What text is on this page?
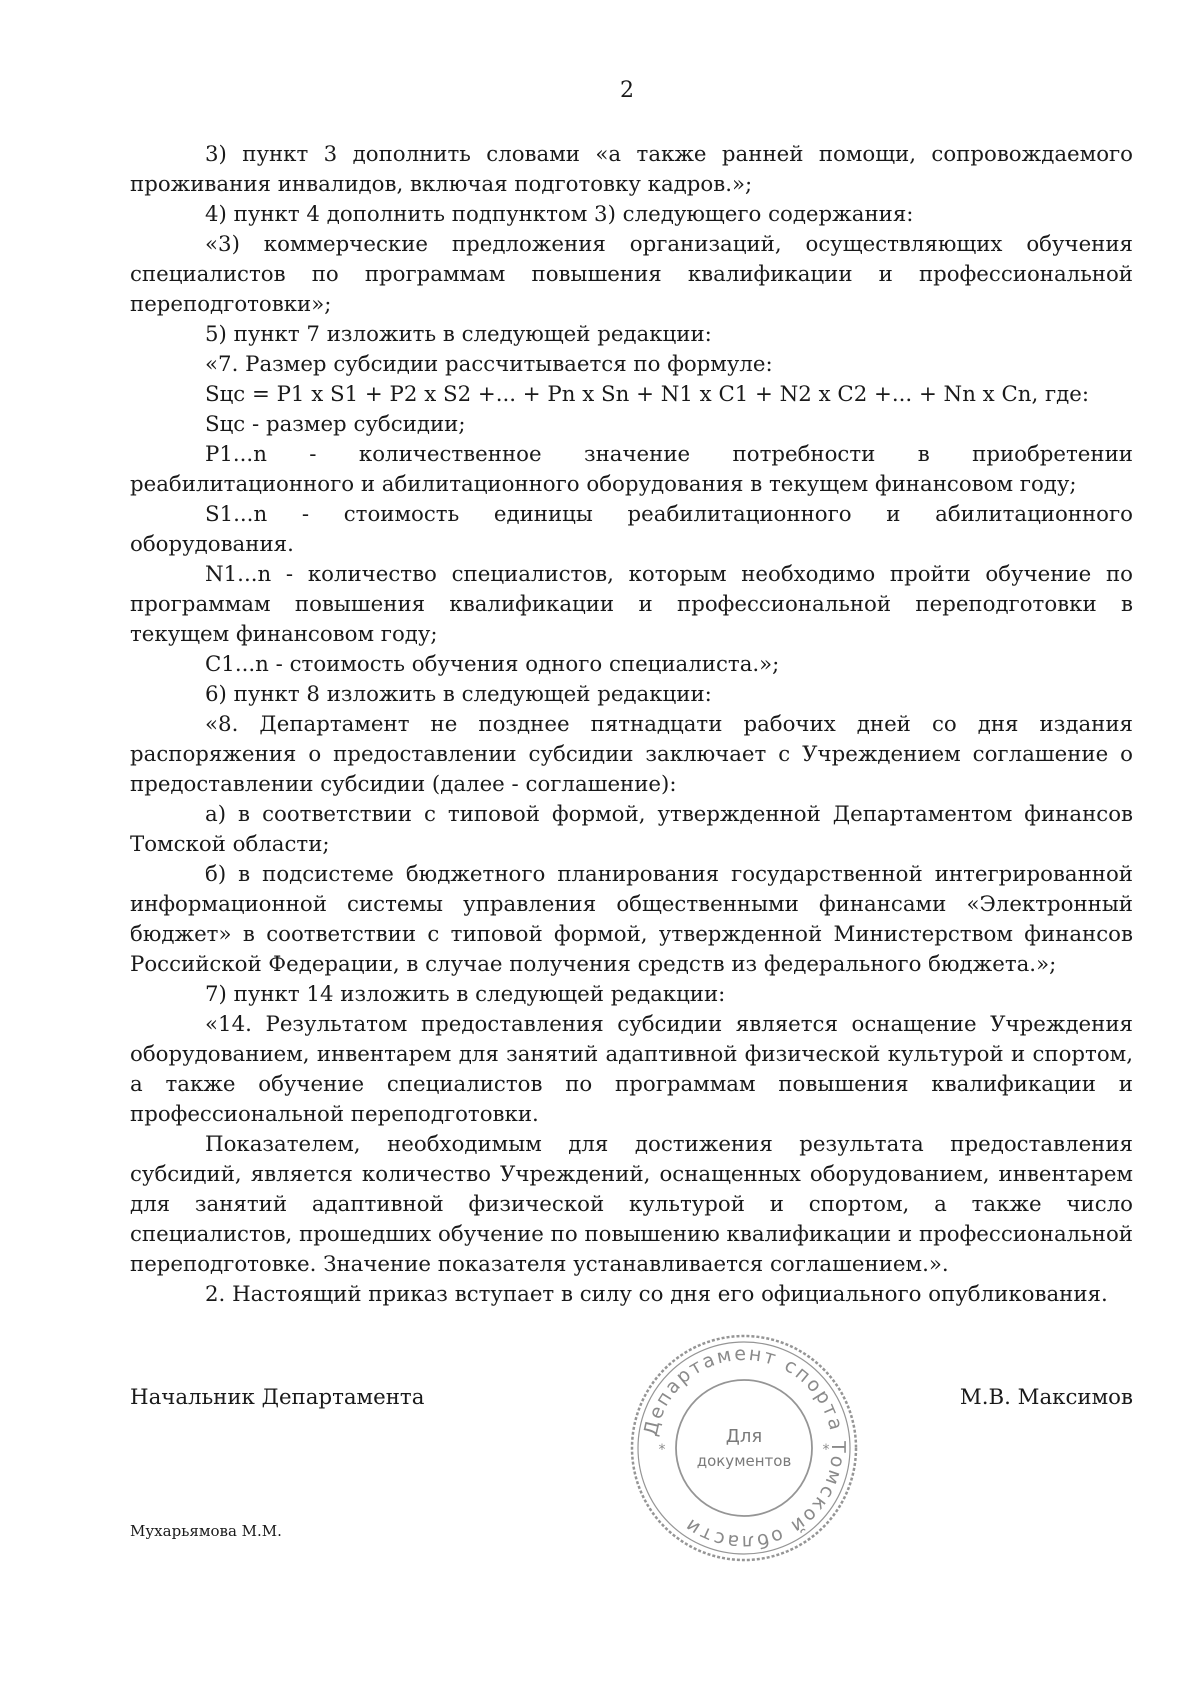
2

3) пункт 3 дополнить словами «а также ранней помощи, сопровождаемого проживания инвалидов, включая подготовку кадров.»;

4) пункт 4 дополнить подпунктом 3) следующего содержания:

«3) коммерческие предложения организаций, осуществляющих обучения специалистов по программам повышения квалификации и профессиональной переподготовки»;

5) пункт 7 изложить в следующей редакции:

«7. Размер субсидии рассчитывается по формуле:

Sцс = P1 x S1 + P2 x S2 +... + Pn x Sn + N1 x C1 + N2 x C2 +... + Nn x Cn, где:

Sцс - размер субсидии;

P1...n - количественное значение потребности в приобретении реабилитационного и абилитационного оборудования в текущем финансовом году;

S1...n - стоимость единицы реабилитационного и абилитационного оборудования.

N1...n - количество специалистов, которым необходимо пройти обучение по программам повышения квалификации и профессиональной переподготовки в текущем финансовом году;

C1...n - стоимость обучения одного специалиста.»;

6) пункт 8 изложить в следующей редакции:

«8. Департамент не позднее пятнадцати рабочих дней со дня издания распоряжения о предоставлении субсидии заключает с Учреждением соглашение о предоставлении субсидии (далее - соглашение):

а) в соответствии с типовой формой, утвержденной Департаментом финансов Томской области;

б) в подсистеме бюджетного планирования государственной интегрированной информационной системы управления общественными финансами «Электронный бюджет» в соответствии с типовой формой, утвержденной Министерством финансов Российской Федерации, в случае получения средств из федерального бюджета.»;

7) пункт 14 изложить в следующей редакции:

«14. Результатом предоставления субсидии является оснащение Учреждения оборудованием, инвентарем для занятий адаптивной физической культурой и спортом, а также обучение специалистов по программам повышения квалификации и профессиональной переподготовки.

Показателем, необходимым для достижения результата предоставления субсидий, является количество Учреждений, оснащенных оборудованием, инвентарем для занятий адаптивной физической культурой и спортом, а также число специалистов, прошедших обучение по повышению квалификации и профессиональной переподготовке. Значение показателя устанавливается соглашением.».

2. Настоящий приказ вступает в силу со дня его официального опубликования.

Начальник Департамента	М.В. Максимов
Департамент спорта Томской области
Для
документов
*	*
Мухарьямова М.М.
